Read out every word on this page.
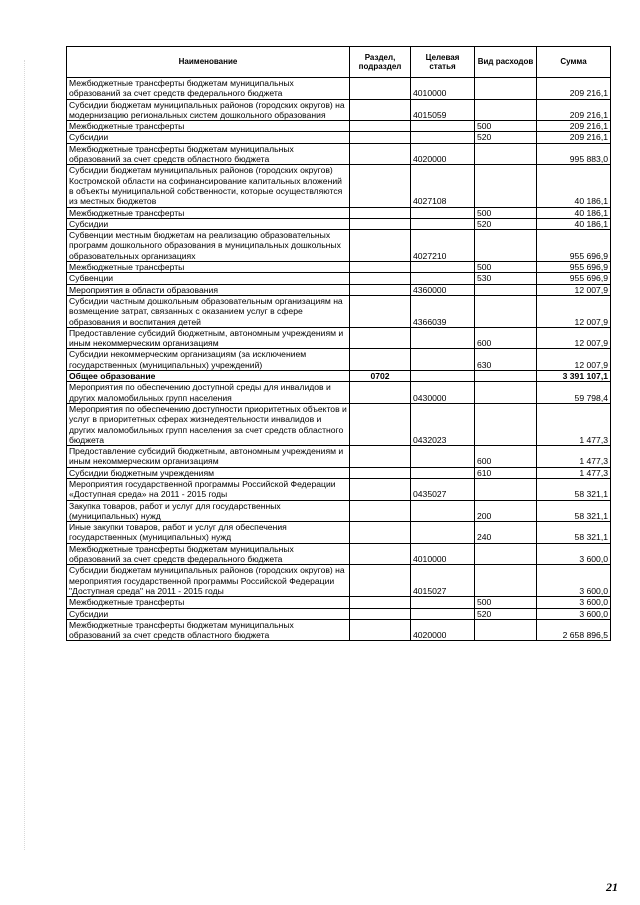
Наименование	Раздел, подраздел	Целевая статья	Вид расходов	Сумма
Межбюджетные трансферты бюджетам муниципальных образований за счет средств федерального бюджета		4010000		209 216,1
Субсидии бюджетам муниципальных районов (городских округов) на модернизацию региональных систем дошкольного образования		4015059		209 216,1
Межбюджетные трансферты			500	209 216,1
Субсидии			520	209 216,1
Межбюджетные трансферты бюджетам муниципальных образований за счет средств областного бюджета		4020000		995 883,0
Субсидии бюджетам муниципальных районов (городских округов) Костромской области на софинансирование капитальных вложений в объекты муниципальной собственности, которые осуществляются из местных бюджетов		4027108		40 186,1
Межбюджетные трансферты			500	40 186,1
Субсидии			520	40 186,1
Субвенции местным бюджетам на реализацию образовательных программ дошкольного образования в муниципальных дошкольных образовательных организациях		4027210		955 696,9
Межбюджетные трансферты			500	955 696,9
Субвенции			530	955 696,9
Мероприятия в области образования		4360000		12 007,9
Субсидии частным дошкольным образовательным организациям на возмещение затрат, связанных с оказанием услуг в сфере образования и воспитания детей		4366039		12 007,9
Предоставление субсидий бюджетным, автономным учреждениям и иным некоммерческим организациям			600	12 007,9
Субсидии некоммерческим организациям (за исключением государственных (муниципальных) учреждений)			630	12 007,9
Общее образование	0702			3 391 107,1
Мероприятия по обеспечению доступной среды для инвалидов и других маломобильных групп населения		0430000		59 798,4
Мероприятия по обеспечению доступности приоритетных объектов и услуг в приоритетных сферах жизнедеятельности инвалидов и других маломобильных групп населения за счет средств областного бюджета		0432023		1 477,3
Предоставление субсидий бюджетным, автономным учреждениям и иным некоммерческим организациям			600	1 477,3
Субсидии бюджетным учреждениям			610	1 477,3
Мероприятия государственной программы Российской Федерации «Доступная среда» на 2011 - 2015 годы		0435027		58 321,1
Закупка товаров, работ и услуг для государственных (муниципальных) нужд			200	58 321,1
Иные закупки товаров, работ и услуг для обеспечения государственных (муниципальных) нужд			240	58 321,1
Межбюджетные трансферты бюджетам муниципальных образований за счет средств федерального бюджета		4010000		3 600,0
Субсидии бюджетам муниципальных районов (городских округов) на мероприятия государственной программы Российской Федерации "Доступная среда" на 2011 - 2015 годы		4015027		3 600,0
Межбюджетные трансферты			500	3 600,0
Субсидии			520	3 600,0
Межбюджетные трансферты бюджетам муниципальных образований за счет средств областного бюджета		4020000		2 658 896,5
21
